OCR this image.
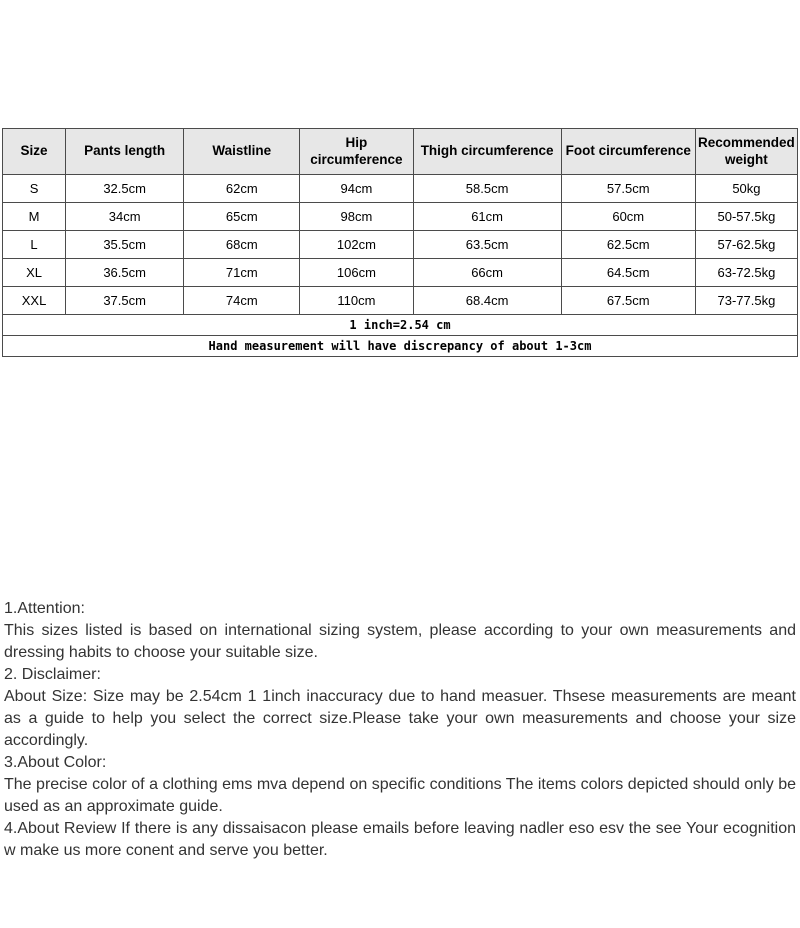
Size	Pants length	Waistline	Hip circumference	Thigh circumference	Foot circumference	Recommended weight
S	32.5cm	62cm	94cm	58.5cm	57.5cm	50kg
M	34cm	65cm	98cm	61cm	60cm	50-57.5kg
L	35.5cm	68cm	102cm	63.5cm	62.5cm	57-62.5kg
XL	36.5cm	71cm	106cm	66cm	64.5cm	63-72.5kg
XXL	37.5cm	74cm	110cm	68.4cm	67.5cm	73-77.5kg
1 inch=2.54 cm						
Hand measurement will have discrepancy of about 1-3cm						

1.Attention:

This sizes listed is based on international sizing system, please according to your own measurements and dressing habits to choose your suitable size.

2. Disclaimer:

About Size: Size may be 2.54cm 1 1inch inaccuracy due to hand measuer. Thsese measurements are meant as a guide to help you select the correct size.Please take your own measurements and choose your size accordingly.

3.About Color:

The precise color of a clothing ems mva depend on specific conditions The items colors depicted should only be used as an approximate guide.

4.About Review If there is any dissaisacon please emails before leaving nadler eso esv the see Your ecognition w make us more conent and serve you better.
